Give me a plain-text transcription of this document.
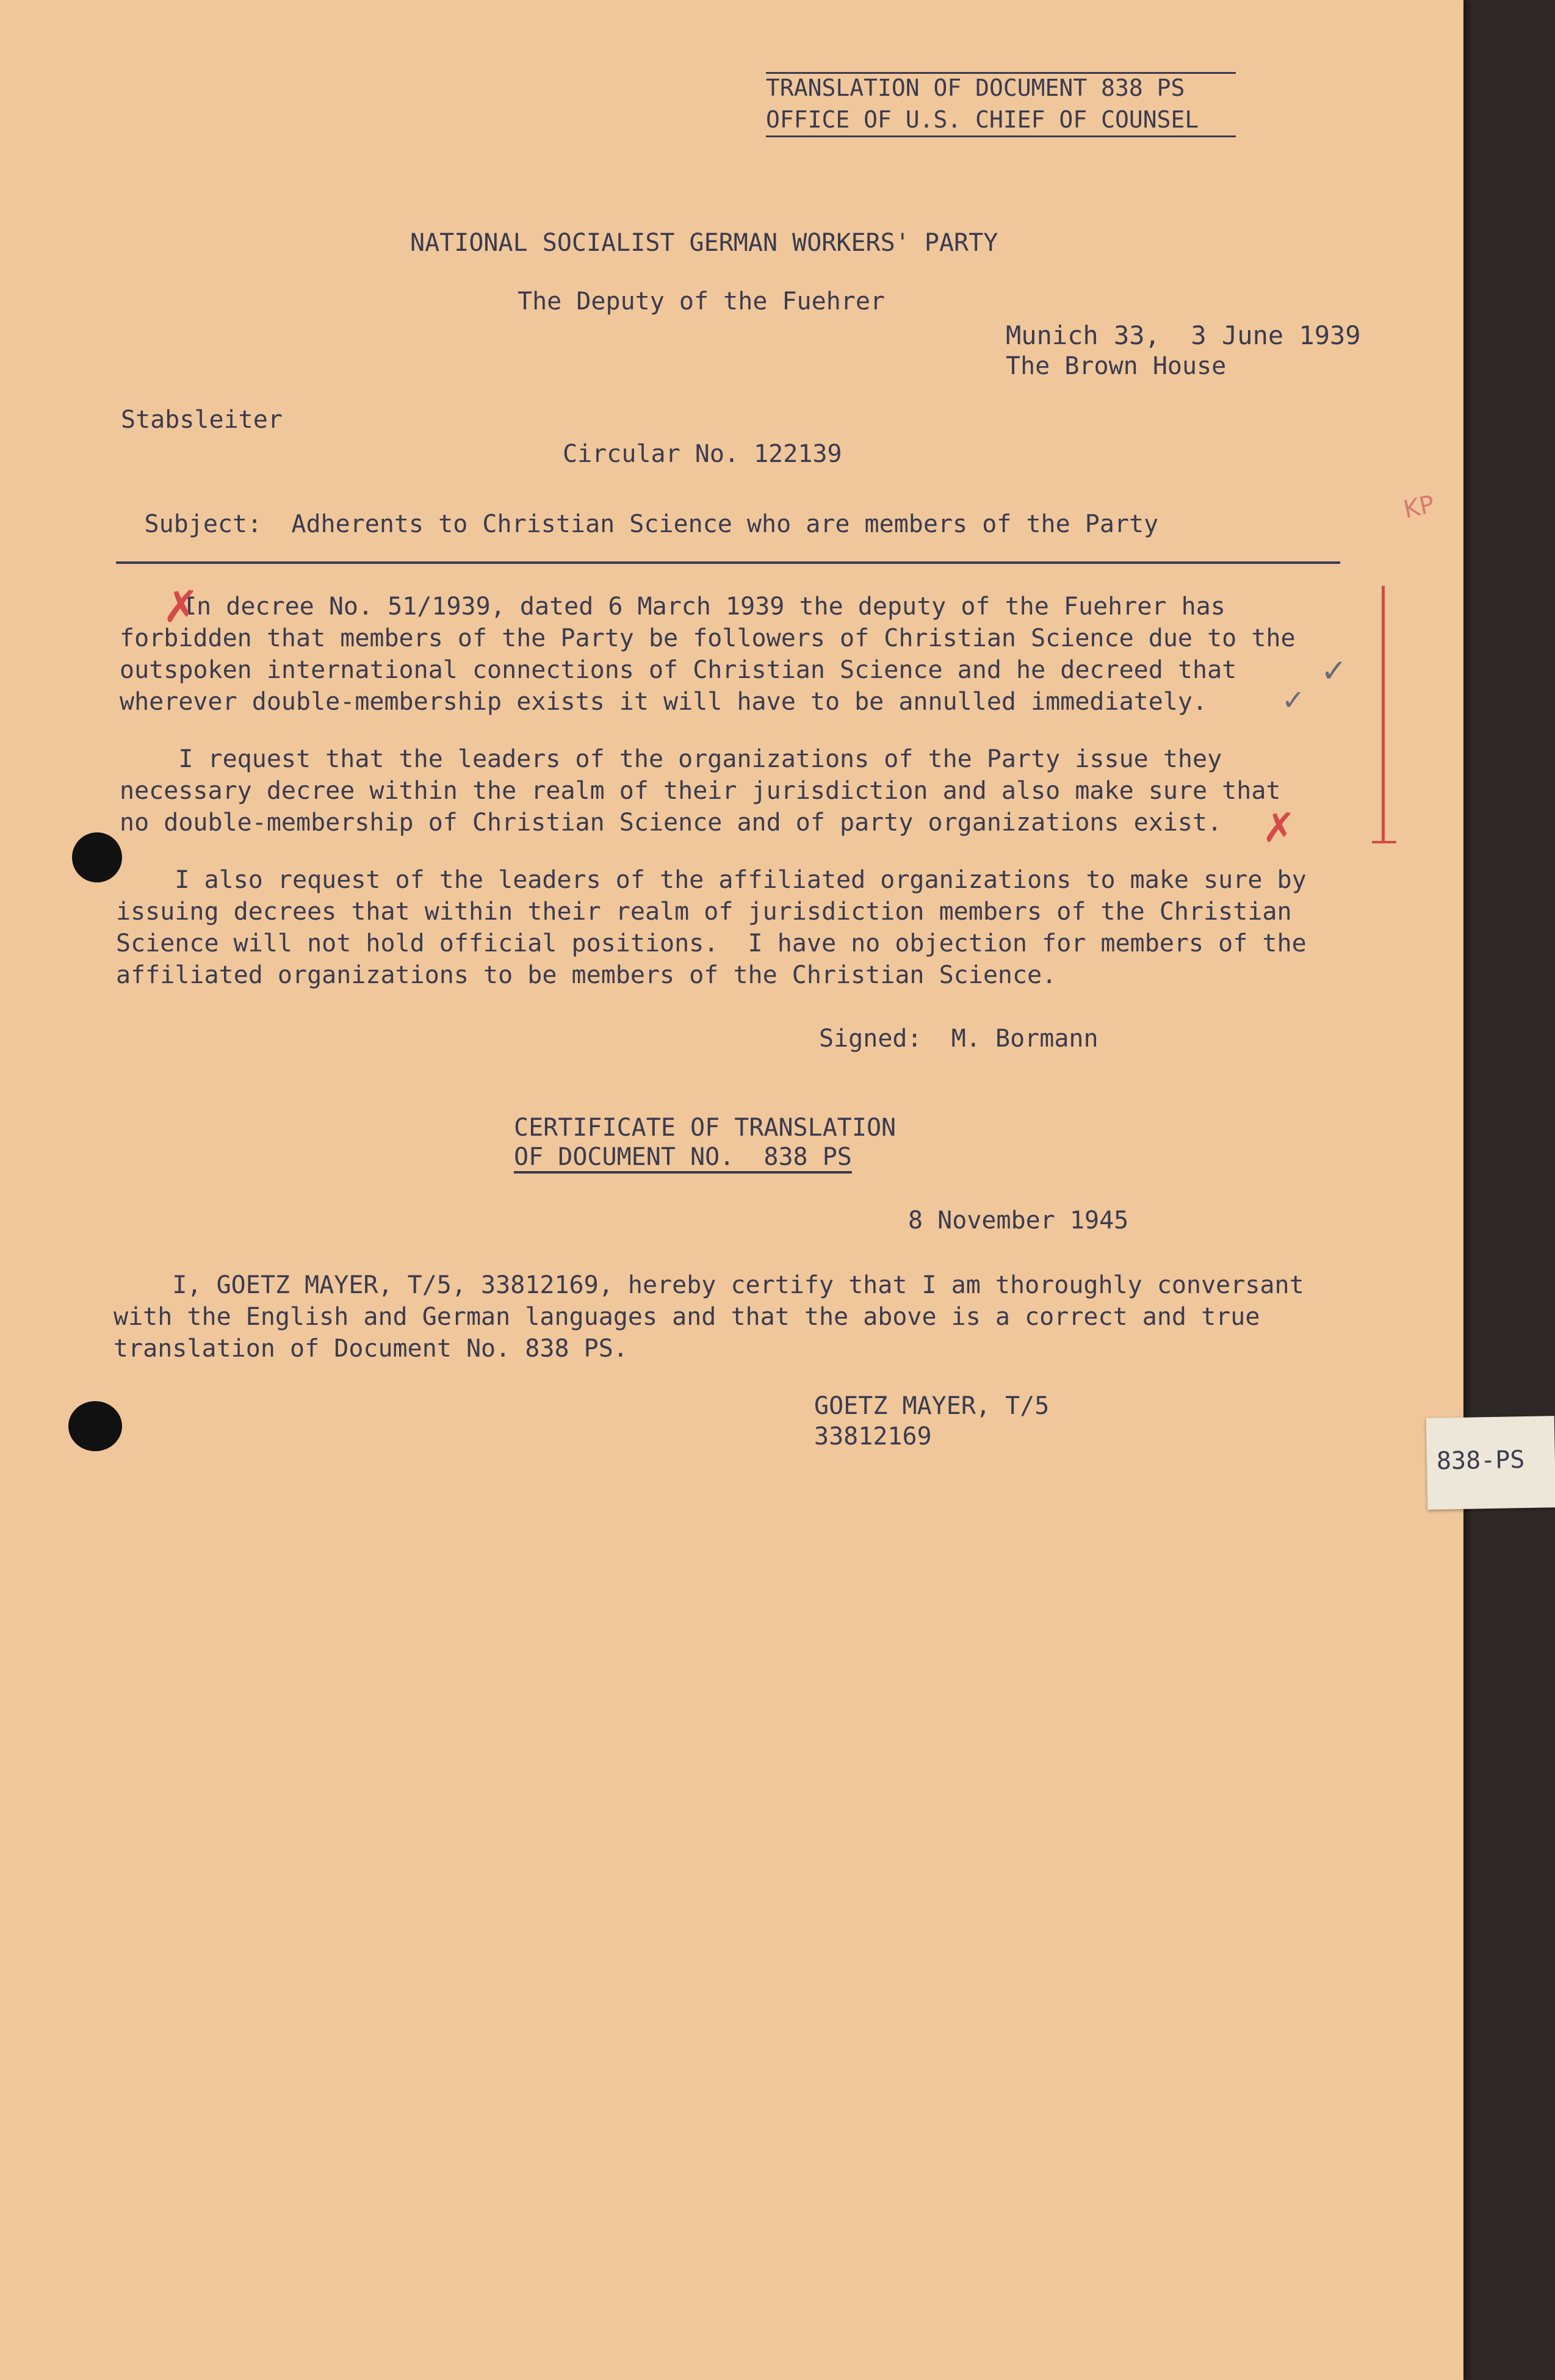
TRANSLATION OF DOCUMENT 838 PS
OFFICE OF U.S. CHIEF OF COUNSEL
NATIONAL SOCIALIST GERMAN WORKERS' PARTY
The Deputy of the Fuehrer
Munich 33,  3 June 1939
The Brown House
Stabsleiter
Circular No. 122139

Subject: Adherents to Christian Science who are members of the Party

In decree No. 51/1939, dated 6 March 1939 the deputy of the Fuehrer has
forbidden that members of the Party be followers of Christian Science due to the
outspoken international connections of Christian Science and he decreed that
wherever double-membership exists it will have to be annulled immediately.
I request that the leaders of the organizations of the Party issue they
necessary decree within the realm of their jurisdiction and also make sure that
no double-membership of Christian Science and of party organizations exist.
I also request of the leaders of the affiliated organizations to make sure by
issuing decrees that within their realm of jurisdiction members of the Christian
Science will not hold official positions.  I have no objection for members of the
affiliated organizations to be members of the Christian Science.
Signed:  M. Bormann
CERTIFICATE OF TRANSLATION
OF DOCUMENT NO.  838 PS
8 November 1945
I, GOETZ MAYER, T/5, 33812169, hereby certify that I am thoroughly conversant
with the English and German languages and that the above is a correct and true
translation of Document No. 838 PS.
GOETZ MAYER, T/5
33812169
✗
✗
✓
✓
KP
838-PS
